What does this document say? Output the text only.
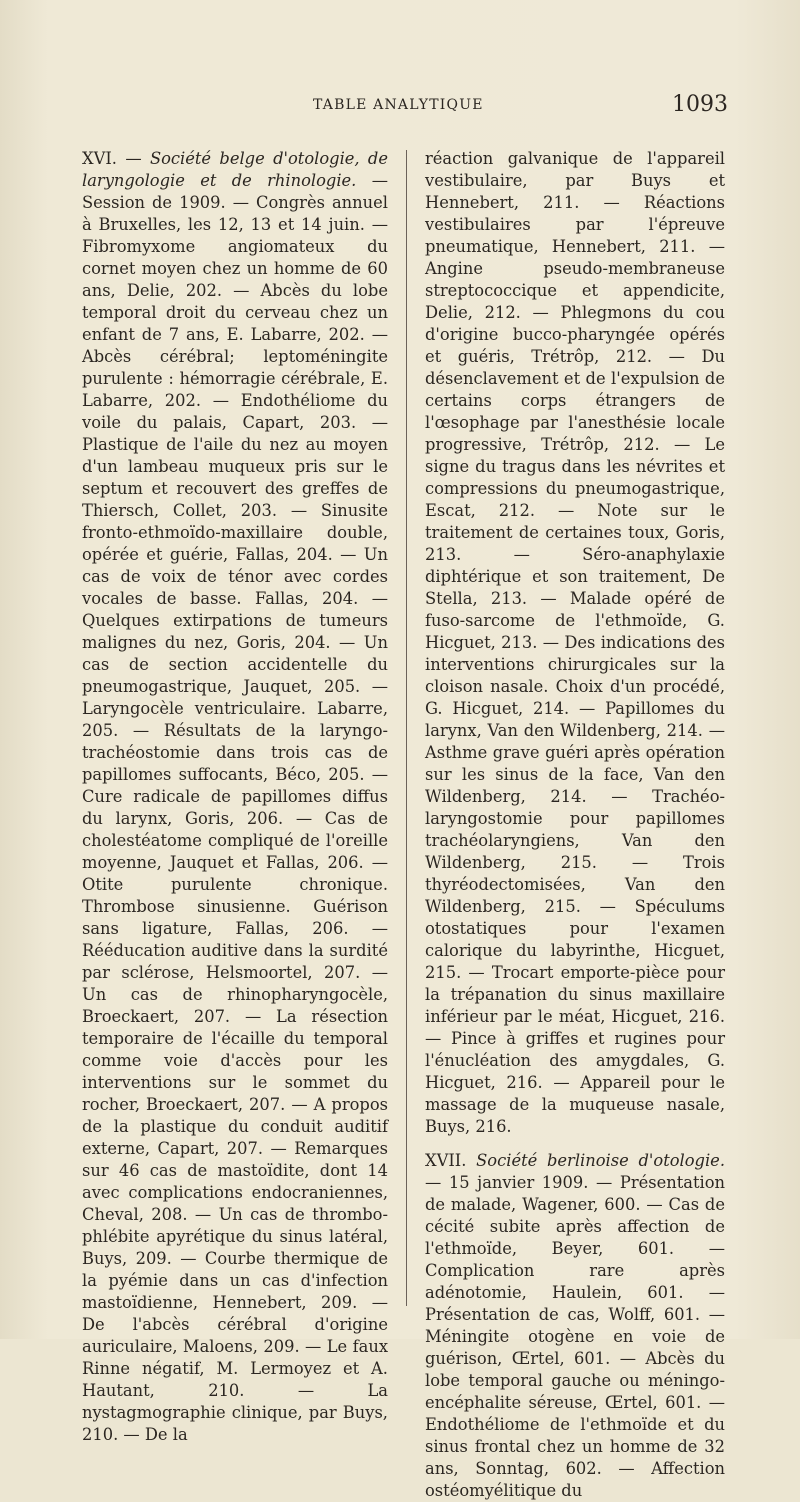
TABLE ANALYTIQUE	1093

XVI. — Société belge d'otologie, de laryngologie et de rhinologie. — Session de 1909. — Congrès annuel à Bruxelles, les 12, 13 et 14 juin. — Fibromyxome angiomateux du cornet moyen chez un homme de 60 ans, Delie, 202. — Abcès du lobe temporal droit du cerveau chez un enfant de 7 ans, E. Labarre, 202. — Abcès cérébral; leptoméningite purulente : hémorragie cérébrale, E. Labarre, 202. — Endothéliome du voile du palais, Capart, 203. — Plastique de l'aile du nez au moyen d'un lambeau muqueux pris sur le septum et recouvert des greffes de Thiersch, Collet, 203. — Sinusite fronto-ethmoïdo-maxillaire double, opérée et guérie, Fallas, 204. — Un cas de voix de ténor avec cordes vocales de basse. Fallas, 204. — Quelques extirpations de tumeurs malignes du nez, Goris, 204. — Un cas de section accidentelle du pneumogastrique, Jauquet, 205. — Laryngocèle ventriculaire. Labarre, 205. — Résultats de la laryngo-trachéostomie dans trois cas de papillomes suffocants, Béco, 205. — Cure radicale de papillomes diffus du larynx, Goris, 206. — Cas de cholestéatome compliqué de l'oreille moyenne, Jauquet et Fallas, 206. — Otite purulente chronique. Thrombose sinusienne. Guérison sans ligature, Fallas, 206. — Rééducation auditive dans la surdité par sclérose, Helsmoortel, 207. — Un cas de rhinopharyngocèle, Broeckaert, 207. — La résection temporaire de l'écaille du temporal comme voie d'accès pour les interventions sur le sommet du rocher, Broeckaert, 207. — A propos de la plastique du conduit auditif externe, Capart, 207. — Remarques sur 46 cas de mastoïdite, dont 14 avec complications endocraniennes, Cheval, 208. — Un cas de thrombo-phlébite apyrétique du sinus latéral, Buys, 209. — Courbe thermique de la pyémie dans un cas d'infection mastoïdienne, Hennebert, 209. — De l'abcès cérébral d'origine auriculaire, Maloens, 209. — Le faux Rinne négatif, M. Lermoyez et A. Hautant, 210. — La nystagmographie clinique, par Buys, 210. — De la

réaction galvanique de l'appareil vestibulaire, par Buys et Hennebert, 211. — Réactions vestibulaires par l'épreuve pneumatique, Hennebert, 211. — Angine pseudo-membraneuse streptococcique et appendicite, Delie, 212. — Phlegmons du cou d'origine bucco-pharyngée opérés et guéris, Trétrôp, 212. — Du désenclavement et de l'expulsion de certains corps étrangers de l'œsophage par l'anesthésie locale progressive, Trétrôp, 212. — Le signe du tragus dans les névrites et compressions du pneumogastrique, Escat, 212. — Note sur le traitement de certaines toux, Goris, 213. — Séro-anaphylaxie diphtérique et son traitement, De Stella, 213. — Malade opéré de fuso-sarcome de l'ethmoïde, G. Hicguet, 213. — Des indications des interventions chirurgicales sur la cloison nasale. Choix d'un procédé, G. Hicguet, 214. — Papillomes du larynx, Van den Wildenberg, 214. — Asthme grave guéri après opération sur les sinus de la face, Van den Wildenberg, 214. — Trachéo-laryngostomie pour papillomes trachéolaryngiens, Van den Wildenberg, 215. — Trois thyréodectomisées, Van den Wildenberg, 215. — Spéculums otostatiques pour l'examen calorique du labyrinthe, Hicguet, 215. — Trocart emporte-pièce pour la trépanation du sinus maxillaire inférieur par le méat, Hicguet, 216. — Pince à griffes et rugines pour l'énucléation des amygdales, G. Hicguet, 216. — Appareil pour le massage de la muqueuse nasale, Buys, 216.

XVII. Société berlinoise d'otologie. — 15 janvier 1909. — Présentation de malade, Wagener, 600. — Cas de cécité subite après affection de l'ethmoïde, Beyer, 601. — Complication rare après adénotomie, Haulein, 601. — Présentation de cas, Wolff, 601. — Méningite otogène en voie de guérison, Œrtel, 601. — Abcès du lobe temporal gauche ou méningo-encéphalite séreuse, Œrtel, 601. — Endothéliome de l'ethmoïde et du sinus frontal chez un homme de 32 ans, Sonntag, 602. — Affection ostéomyélitique du
